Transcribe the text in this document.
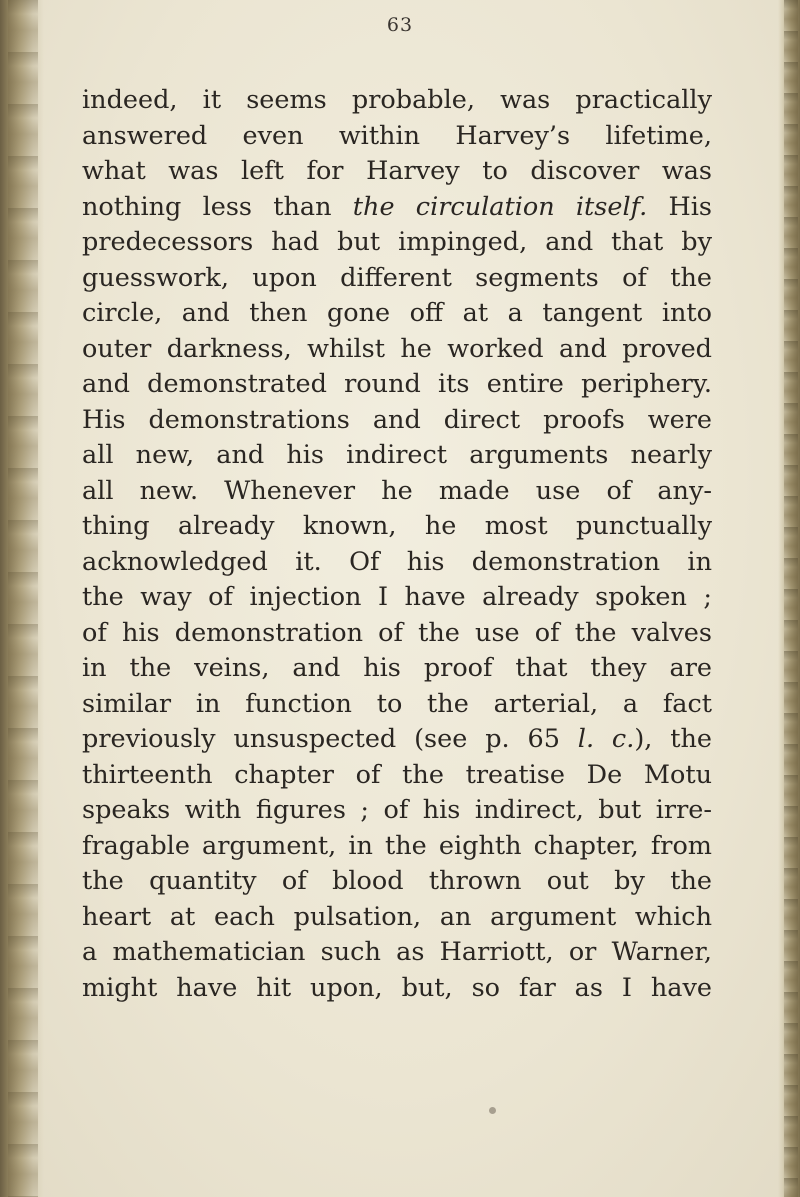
63
indeed, it seems probable, was practically
answered even within Harvey’s lifetime,
what was left for Harvey to discover was
nothing less than the circulation itself. His
predecessors had but impinged, and that by
guesswork, upon different segments of the
circle, and then gone off at a tangent into
outer darkness, whilst he worked and proved
and demonstrated round its entire periphery.
His demonstrations and direct proofs were
all new, and his indirect arguments nearly
all new. Whenever he made use of any-
thing already known, he most punctually
acknowledged it. Of his demonstration in
the way of injection I have already spoken ;
of his demonstration of the use of the valves
in the veins, and his proof that they are
similar in function to the arterial, a fact
previously unsuspected (see p. 65 l. c.), the
thirteenth chapter of the treatise De Motu
speaks with figures ; of his indirect, but irre-
fragable argument, in the eighth chapter, from
the quantity of blood thrown out by the
heart at each pulsation, an argument which
a mathematician such as Harriott, or Warner,
might have hit upon, but, so far as I have
